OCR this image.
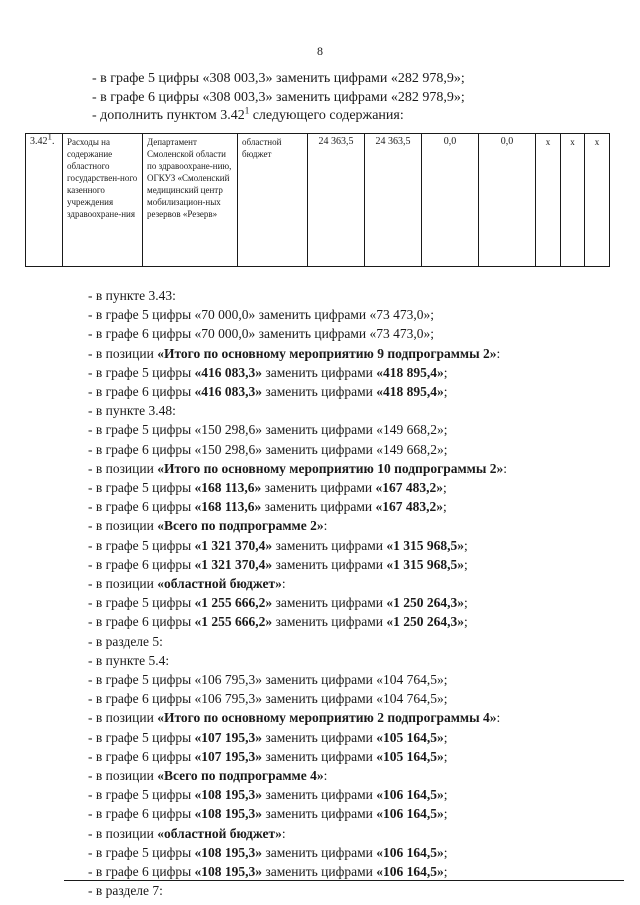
8
- в графе 5 цифры «308 003,3» заменить цифрами «282 978,9»;
- в графе 6 цифры «308 003,3» заменить цифрами «282 978,9»;
- дополнить пунктом 3.42$^1$ следующего содержания:
3.42$^1$.	Расходы на содержание областного государствен-ного казенного учреждения здравоохране-ния	Департамент Смоленской области по здравоохране-нию, ОГКУЗ «Смоленский медицинский центр мобилизацион-ных резервов «Резерв»	областной бюджет	24 363,5	24 363,5	0,0	0,0	x	x	x
- в пункте 3.43:
- в графе 5 цифры «70 000,0» заменить цифрами «73 473,0»;
- в графе 6 цифры «70 000,0» заменить цифрами «73 473,0»;
- в позиции «Итого по основному мероприятию 9 подпрограммы 2»:
- в графе 5 цифры «416 083,3» заменить цифрами «418 895,4»;
- в графе 6 цифры «416 083,3» заменить цифрами «418 895,4»;
- в пункте 3.48:
- в графе 5 цифры «150 298,6» заменить цифрами «149 668,2»;
- в графе 6 цифры «150 298,6» заменить цифрами «149 668,2»;
- в позиции «Итого по основному мероприятию 10 подпрограммы 2»:
- в графе 5 цифры «168 113,6» заменить цифрами «167 483,2»;
- в графе 6 цифры «168 113,6» заменить цифрами «167 483,2»;
- в позиции «Всего по подпрограмме 2»:
- в графе 5 цифры «1 321 370,4» заменить цифрами «1 315 968,5»;
- в графе 6 цифры «1 321 370,4» заменить цифрами «1 315 968,5»;
- в позиции «областной бюджет»:
- в графе 5 цифры «1 255 666,2» заменить цифрами «1 250 264,3»;
- в графе 6 цифры «1 255 666,2» заменить цифрами «1 250 264,3»;
- в разделе 5:
- в пункте 5.4:
- в графе 5 цифры «106 795,3» заменить цифрами «104 764,5»;
- в графе 6 цифры «106 795,3» заменить цифрами «104 764,5»;
- в позиции «Итого по основному мероприятию 2 подпрограммы 4»:
- в графе 5 цифры «107 195,3» заменить цифрами «105 164,5»;
- в графе 6 цифры «107 195,3» заменить цифрами «105 164,5»;
- в позиции «Всего по подпрограмме 4»:
- в графе 5 цифры «108 195,3» заменить цифрами «106 164,5»;
- в графе 6 цифры «108 195,3» заменить цифрами «106 164,5»;
- в позиции «областной бюджет»:
- в графе 5 цифры «108 195,3» заменить цифрами «106 164,5»;
- в графе 6 цифры «108 195,3» заменить цифрами «106 164,5»;
- в разделе 7:
